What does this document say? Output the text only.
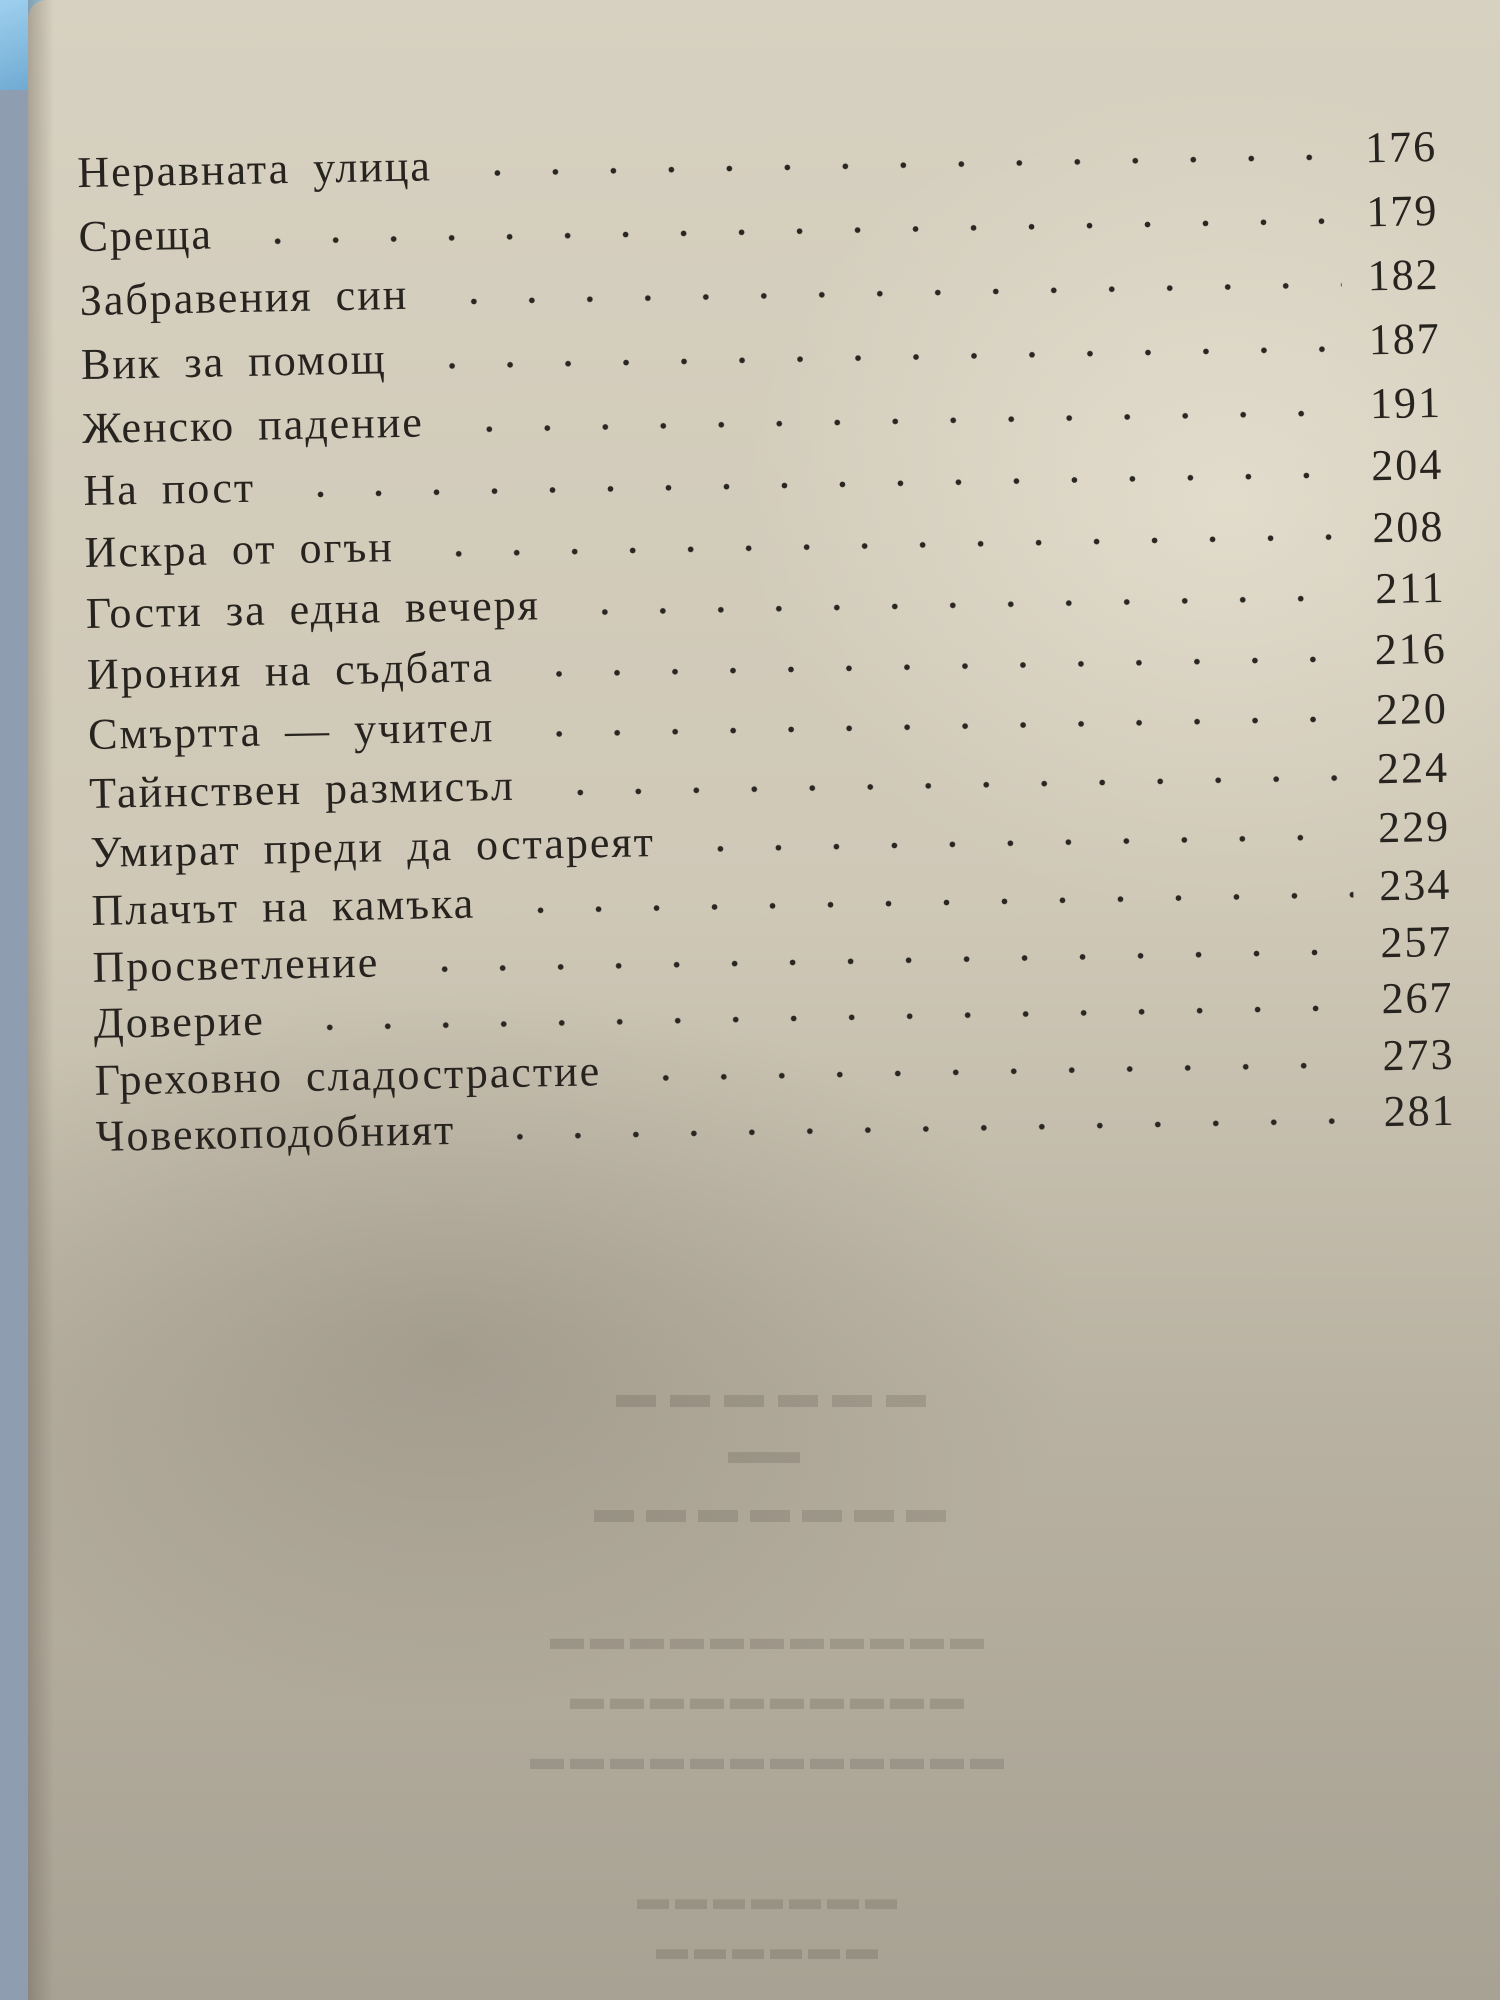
▬▬▬▬▬▬
▬▬
▬▬▬▬▬▬▬
▬▬▬▬▬▬▬▬▬▬▬
▬▬▬▬▬▬▬▬▬▬
▬▬▬▬▬▬▬▬▬▬▬▬
▬▬▬▬▬▬▬
▬▬▬▬▬▬
Неравната улица	176
Среща	179
Забравения син	182
Вик за помощ	187
Женско падение	191
На пост	204
Искра от огън	208
Гости за една вечеря	211
Ирония на съдбата	216
Смъртта — учител	220
Тайнствен размисъл	224
Умират преди да остареят	229
Плачът на камъка	234
Просветление	257
Доверие	267
Греховно сладострастие	273
Човекоподобният	281
